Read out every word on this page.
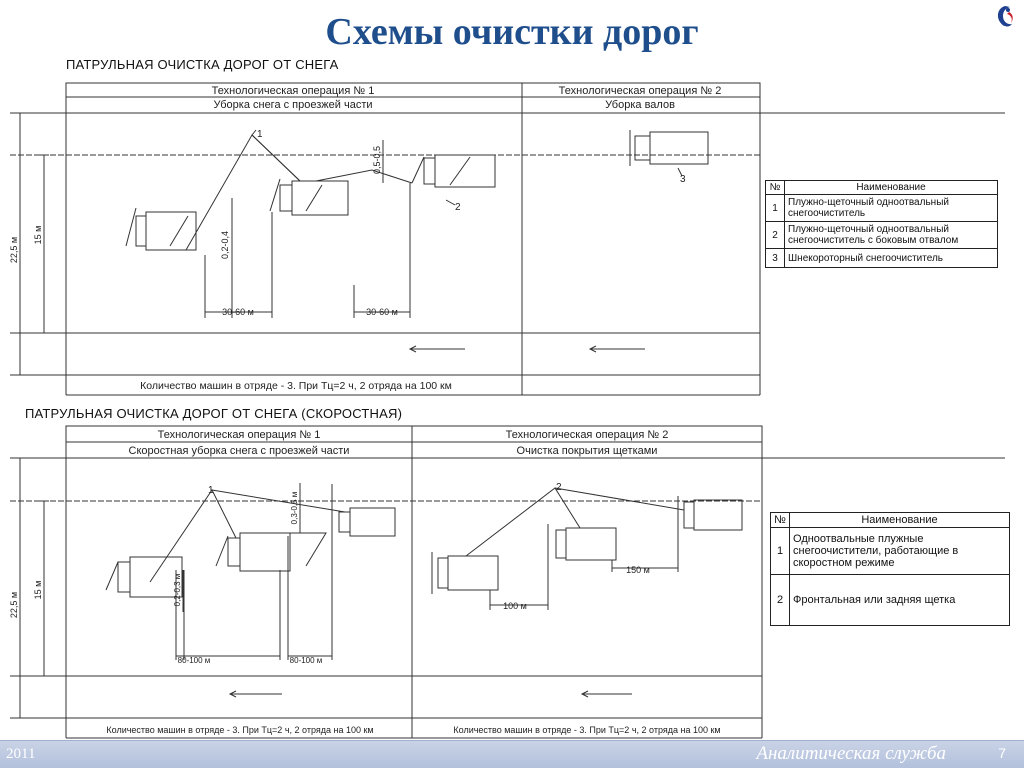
Схемы очистки дорог
ПАТРУЛЬНАЯ ОЧИСТКА ДОРОГ ОТ СНЕГА
ПАТРУЛЬНАЯ ОЧИСТКА ДОРОГ ОТ СНЕГА (СКОРОСТНАЯ)
Технологическая операция № 1
Уборка снега с проезжей части
Технологическая операция № 2
Уборка валов
22,5 м
15 м	0,2-0,4
0,5-0,5
30-60 м	30-60 м
1
2
3
Количество машин в отряде - 3. При Тц=2 ч, 2 отряда на 100 км
№	Наименование
1	Плужно-щеточный одноотвальный снегоочиститель
2	Плужно-щеточный одноотвальный снегоочиститель с боковым отвалом
3	Шнекороторный снегоочиститель
Технологическая операция № 1
Скоростная уборка снега с проезжей части
Технологическая операция № 2
Очистка покрытия щетками
22,5 м
15 м	0,2-0,3 м
0,3-0,5 м
80-100 м	80-100 м
150 м
100 м
1	2
Количество машин в отряде - 3. При Тц=2 ч, 2 отряда на 100 км	Количество машин в отряде - 3. При Тц=2 ч, 2 отряда на 100 км
№	Наименование
1	Одноотвальные плужные снегоочистители, работающие в скоростном режиме
2	Фронтальная или задняя щетка
2011	Аналитическая служба	7
